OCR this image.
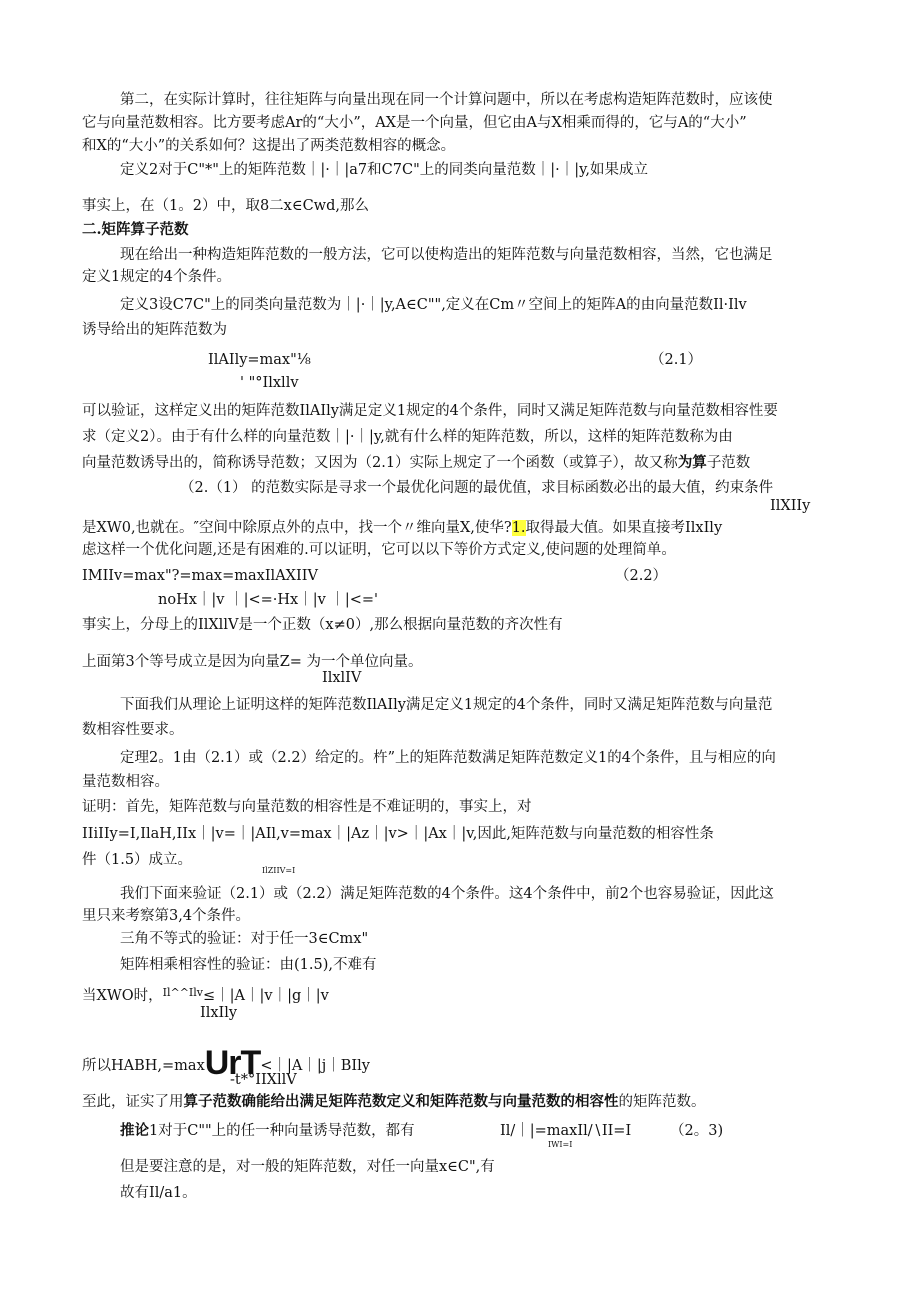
第二，在实际计算时，往往矩阵与向量出现在同一个计算问题中，所以在考虑构造矩阵范数时，应该使
它与向量范数相容。比方要考虑Ar的“大小”，AX是一个向量，但它由A与X相乘而得的，它与A的“大小”
和X的“大小”的关系如何？这提出了两类范数相容的概念。
定义2对于C"*"上的矩阵范数｜|·｜|a7和C7C"上的同类向量范数｜|·｜|y,如果成立
事实上，在（1。2）中，取8二x∈Cwd,那么
二.矩阵算子范数
现在给出一种构造矩阵范数的一般方法，它可以使构造出的矩阵范数与向量范数相容，当然，它也满足
定义1规定的4个条件。
定义3设C7C"上的同类向量范数为｜|·｜|y,A∈C"",定义在Cm〃空间上的矩阵A的由向量范数Il·Ilv
诱导给出的矩阵范数为
IlAIly=max"⅛	（2.1）
' "°Ilxllv
可以验证，这样定义出的矩阵范数IlAIly满足定义1规定的4个条件，同时又满足矩阵范数与向量范数相容性要
求（定义2）。由于有什么样的向量范数｜|·｜|y,就有什么样的矩阵范数，所以，这样的矩阵范数称为由
向量范数诱导出的，简称诱导范数；又因为（2.1）实际上规定了一个函数（或算子），故又称为算子范数
（2.（1） 的范数实际是寻求一个最优化问题的最优值，求目标函数必出的最大值，约束条件
IlXIIy
是XW0,也就在。″空间中除原点外的点中，找一个〃维向量X,使华?1.取得最大值。如果直接考IlxIly
虑这样一个优化问题,还是有困难的.可以证明，它可以以下等价方式定义,使问题的处理简单。
IMIIv=max"?=max=maxIlAXIIV	（2.2）
noHx｜|v ｜|<=·Hx｜|v ｜|<='
事实上，分母上的IlXllV是一个正数（x≠0）,那么根据向量范数的齐次性有
上面第3个等号成立是因为向量Z= 为一个单位向量。
IlxlIV
下面我们从理论上证明这样的矩阵范数IlAIly满足定义1规定的4个条件，同时又满足矩阵范数与向量范
数相容性要求。
定理2。1由（2.1）或（2.2）给定的。杵”上的矩阵范数满足矩阵范数定义1的4个条件，且与相应的向
量范数相容。
证明：首先，矩阵范数与向量范数的相容性是不难证明的，事实上，对
IIiIIy=I,IlaH,IIx｜|v=｜|AIl,v=max｜|Az｜|v>｜|Ax｜|v,因此,矩阵范数与向量范数的相容性条
件（1.5）成立。
IlZIIV=I
我们下面来验证（2.1）或（2.2）满足矩阵范数的4个条件。这4个条件中，前2个也容易验证，因此这
里只来考察第3,4个条件。
三角不等式的验证：对于任一3∈Cmx"
矩阵相乘相容性的验证：由(1.5),不难有
当XWO时，$^{Il\^{}\^{}Ilv}$≤｜|A｜|v｜|g｜|v
IlxIly
所以HABH,=maxUrT<｜|A｜|j｜BIly
-t*°IIXllV
至此，证实了用算子范数确能给出满足矩阵范数定义和矩阵范数与向量范数的相容性的矩阵范数。
推论1对于C""上的任一种向量诱导范数，都有	Il/｜|=maxIl/∖II=I	（2。3)
IWI=I
但是要注意的是，对一般的矩阵范数，对任一向量x∈C",有
故有Il/a1。
